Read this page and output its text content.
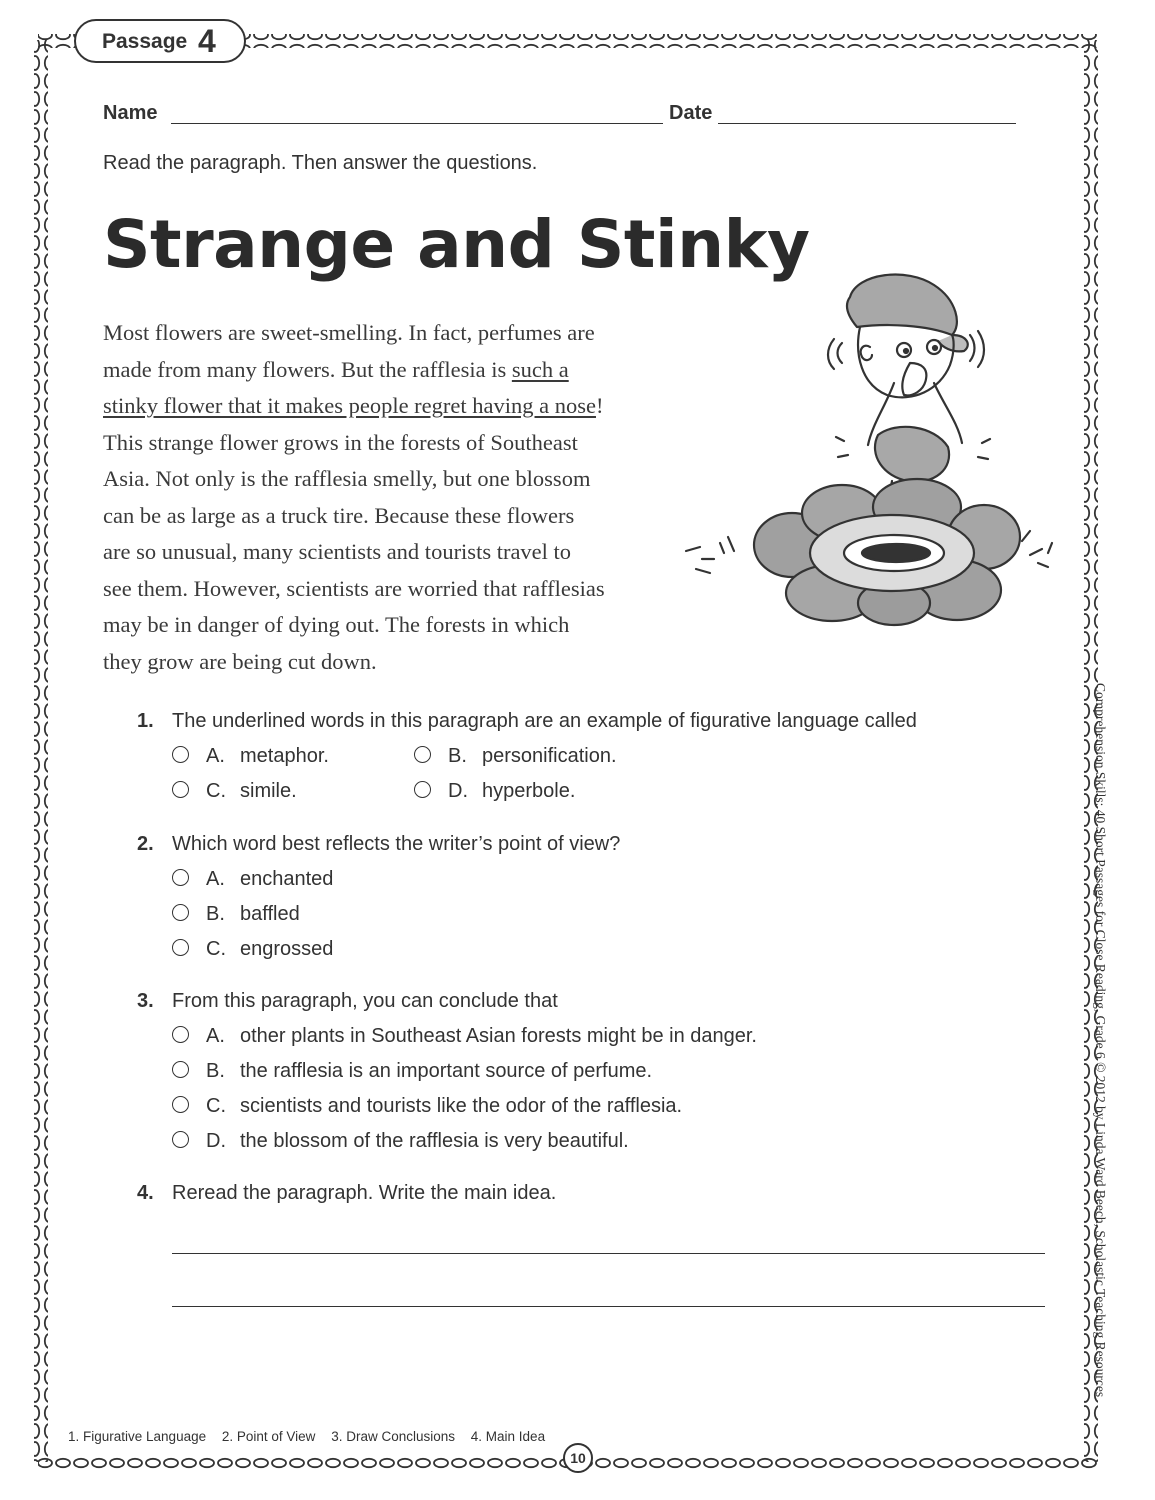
Passage 4
Name	Date
Read the paragraph. Then answer the questions.
Strange and Stinky
Most flowers are sweet-smelling. In fact, perfumes are
made from many flowers. But the rafflesia is such a
stinky flower that it makes people regret having a nose!
This strange flower grows in the forests of Southeast
Asia. Not only is the rafflesia smelly, but one blossom
can be as large as a truck tire. Because these flowers
are so unusual, many scientists and tourists travel to
see them. However, scientists are worried that rafflesias
may be in danger of dying out. The forests in which
they grow are being cut down.
1. The underlined words in this paragraph are an example of figurative language called
A. metaphor.	B. personification.
C. simile.	D. hyperbole.
2. Which word best reflects the writer’s point of view?
A. enchanted
B. baffled
C. engrossed
3. From this paragraph, you can conclude that
A. other plants in Southeast Asian forests might be in danger.
B. the rafflesia is an important source of perfume.
C. scientists and tourists like the odor of the rafflesia.
D. the blossom of the rafflesia is very beautiful.
4. Reread the paragraph. Write the main idea.
1. Figurative Language 2. Point of View 3. Draw Conclusions 4. Main Idea
10
Comprehension Skills: 40 Short Passages for Close Reading, Grade 6 © 2012 by Linda Ward Beech, Scholastic Teaching Resources
